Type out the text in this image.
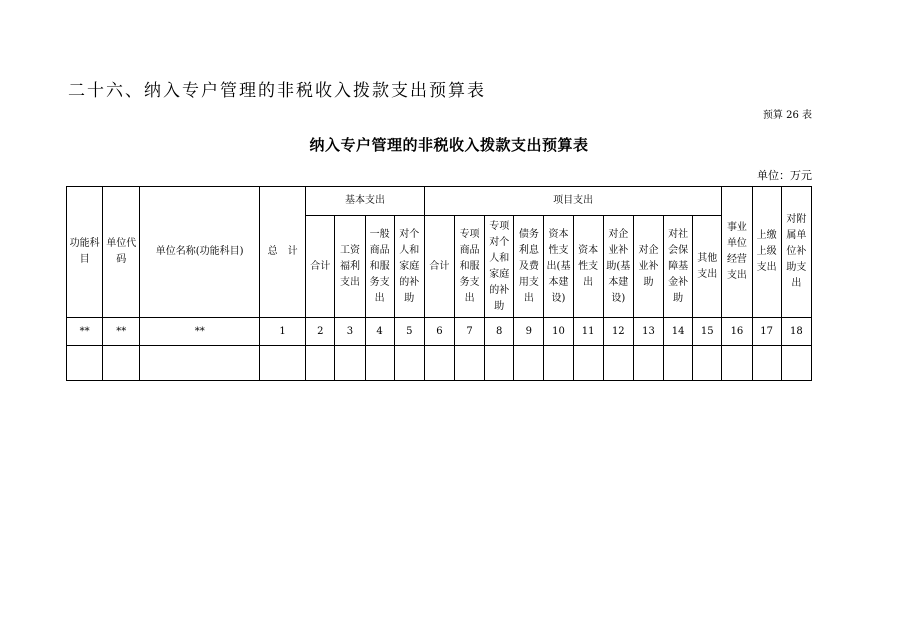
二十六、纳入专户管理的非税收入拨款支出预算表
预算 26 表
纳入专户管理的非税收入拨款支出预算表
单位：万元
功能科目	单位代码	单位名称(功能科目)	总　计	基本支出				项目支出										事业单位经营支出	上缴上级支出	对附属单位补助支出
				合计	工资福利支出	一般商品和服务支出	对个人和家庭的补助	合计	专项商品和服务支出	专项对个人和家庭的补助	债务利息及费用支出	资本性支出(基本建设)	资本性支出	对企业补助(基本建设)	对企业补助	对社会保障基金补助	其他支出			
**	**	**	1	2	3	4	5	6	7	8	9	10	11	12	13	14	15	16	17	18
